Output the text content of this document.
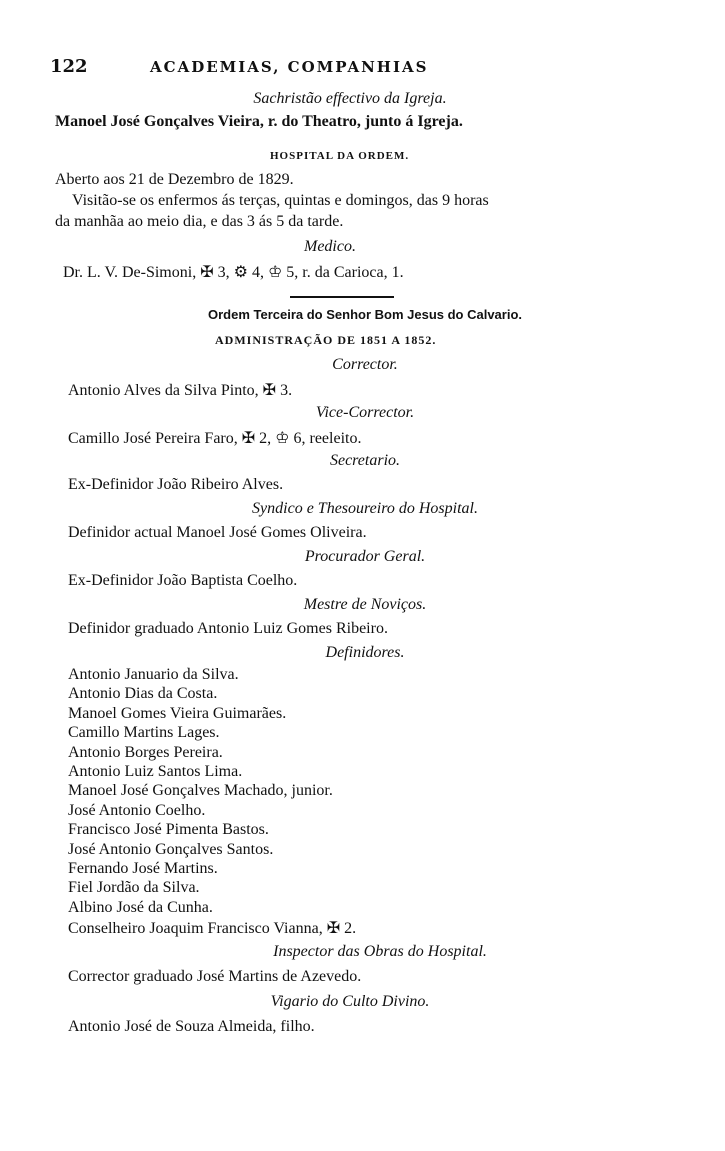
122	ACADEMIAS, COMPANHIAS
Sachristão effectivo da Igreja.
Manoel José Gonçalves Vieira, r. do Theatro, junto á Igreja.
HOSPITAL DA ORDEM.
Aberto aos 21 de Dezembro de 1829.
Visitão-se os enfermos ás terças, quintas e domingos, das 9 horas
da manhãa ao meio dia, e das 3 ás 5 da tarde.
Medico.
Dr. L. V. De-Simoni, ✠ 3, ⚙ 4, ♔ 5, r. da Carioca, 1.
Ordem Terceira do Senhor Bom Jesus do Calvario.
ADMINISTRAÇÃO DE 1851 A 1852.
Corrector.
Antonio Alves da Silva Pinto, ✠ 3.
Vice-Corrector.
Camillo José Pereira Faro, ✠ 2, ♔ 6, reeleito.
Secretario.
Ex-Definidor João Ribeiro Alves.
Syndico e Thesoureiro do Hospital.
Definidor actual Manoel José Gomes Oliveira.
Procurador Geral.
Ex-Definidor João Baptista Coelho.
Mestre de Noviços.
Definidor graduado Antonio Luiz Gomes Ribeiro.
Definidores.
Antonio Januario da Silva.
Antonio Dias da Costa.
Manoel Gomes Vieira Guimarães.
Camillo Martins Lages.
Antonio Borges Pereira.
Antonio Luiz Santos Lima.
Manoel José Gonçalves Machado, junior.
José Antonio Coelho.
Francisco José Pimenta Bastos.
José Antonio Gonçalves Santos.
Fernando José Martins.
Fiel Jordão da Silva.
Albino José da Cunha.
Conselheiro Joaquim Francisco Vianna, ✠ 2.
Inspector das Obras do Hospital.
Corrector graduado José Martins de Azevedo.
Vigario do Culto Divino.
Antonio José de Souza Almeida, filho.
